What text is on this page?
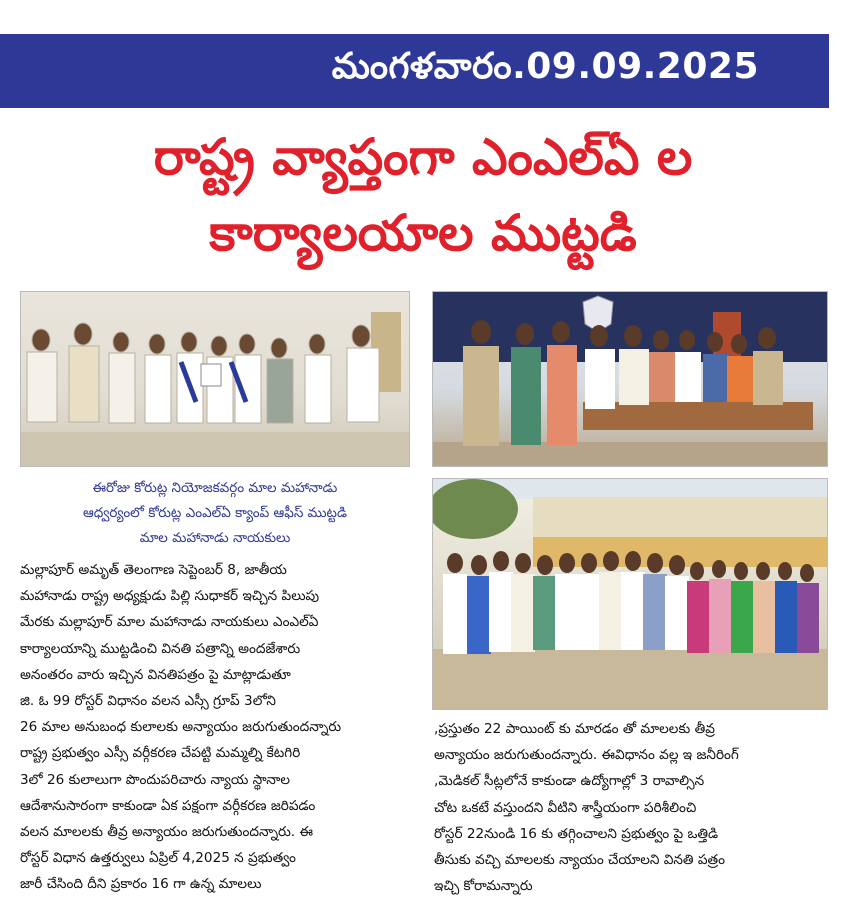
మంగళవారం.09.09.2025
రాష్ట్ర వ్యాప్తంగా ఎంఎల్ఏ ల
కార్యాలయాల ముట్టడి
ఈరోజు కోరుట్ల నియోజకవర్గం మాల మహానాడు
ఆధ్వర్యంలో కోరుట్ల ఎంఎల్ఏ క్యాంప్ ఆఫీస్ ముట్టడి
మాల మహానాడు నాయకులు
మల్లాపూర్ అమృత్ తెలంగాణ సెప్టెంబర్ 8, జాతీయ
మహానాడు రాష్ట్ర అధ్యక్షుడు పిల్లి సుధాకర్ ఇచ్చిన పిలుపు
మేరకు మల్లాపూర్ మాల మహానాడు నాయకులు ఎంఎల్ఏ
కార్యాలయాన్ని ముట్టడించి వినతి పత్రాన్ని అందజేశారు
అనంతరం వారు ఇచ్చిన వినతిపత్రం పై మాట్లాడుతూ
జి. ఓ 99 రోస్టర్ విధానం వలన ఎస్సీ గ్రూప్ 3లోని
26 మాల అనుబంధ కులాలకు అన్యాయం జరుగుతుందన్నారు
రాష్ట్ర ప్రభుత్వం ఎస్సీ వర్గీకరణ చేపట్టి మమ్మల్ని కేటగిరి
3లో 26 కులాలుగా పొందుపరిచారు న్యాయ స్థానాల
ఆదేశానుసారంగా కాకుండా ఏక పక్షంగా వర్గీకరణ జరిపడం
వలన మాలలకు తీవ్ర అన్యాయం జరుగుతుందన్నారు. ఈ
రోస్టర్ విధాన ఉత్తర్వులు ఏప్రిల్ 4,2025 న ప్రభుత్వం
జారీ చేసింది దీని ప్రకారం 16 గా ఉన్న మాలలు
,ప్రస్తుతం 22 పాయింట్ కు మారడం తో మాలలకు తీవ్ర
అన్యాయం జరుగుతుందన్నారు. ఈవిధానం వల్ల ఇ జనీరింగ్
,మెడికల్ సీట్లలోనే కాకుండా ఉద్యోగాల్లో 3 రావాల్సిన
చోట ఒకటే వస్తుందని వీటిని శాస్త్రీయంగా పరిశీలించి
రోస్టర్ 22నుండి 16 కు తగ్గించాలని ప్రభుత్వం పై ఒత్తిడి
తీసుకు వచ్చి మాలలకు న్యాయం చేయాలని వినతి పత్రం
ఇచ్చి కోరామన్నారు
